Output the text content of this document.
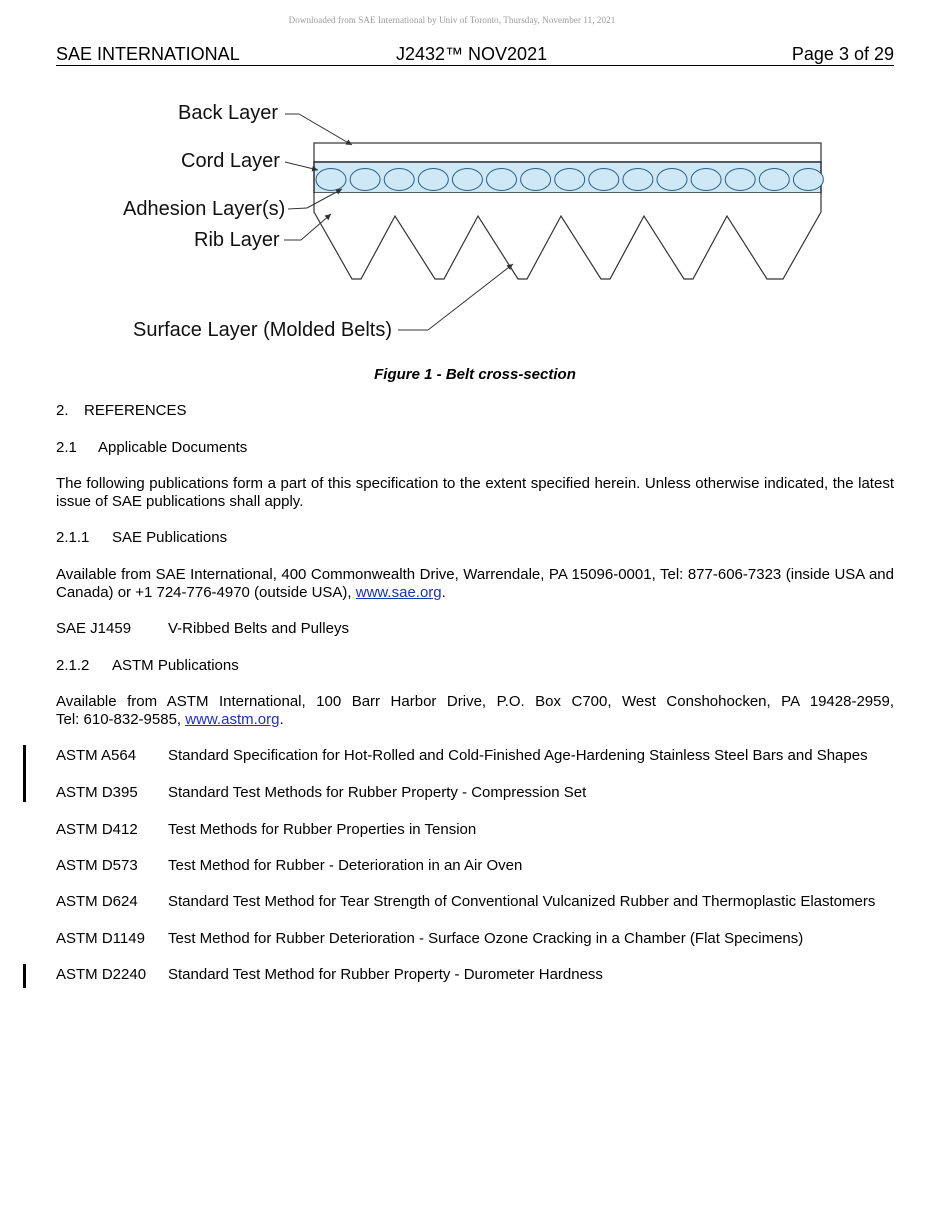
Downloaded from SAE International by Univ of Toronto, Thursday, November 11, 2021
SAE INTERNATIONAL	J2432™ NOV2021	Page 3 of 29
Back Layer
Cord Layer
Adhesion Layer(s)
Rib Layer
Surface Layer (Molded Belts)
Figure 1 - Belt cross-section
2. REFERENCES
2.1 Applicable Documents
The following publications form a part of this specification to the extent specified herein. Unless otherwise indicated, the latest issue of SAE publications shall apply.
2.1.1 SAE Publications
Available from SAE International, 400 Commonwealth Drive, Warrendale, PA 15096-0001, Tel: 877-606-7323 (inside USA and Canada) or +1 724-776-4970 (outside USA), www.sae.org.
SAE J1459 V-Ribbed Belts and Pulleys
2.1.2 ASTM Publications
Available from ASTM International, 100 Barr Harbor Drive, P.O. Box C700, West Conshohocken, PA 19428-2959,
Tel: 610-832-9585, www.astm.org.
ASTM A564 Standard Specification for Hot-Rolled and Cold-Finished Age-Hardening Stainless Steel Bars and Shapes
ASTM D395 Standard Test Methods for Rubber Property - Compression Set
ASTM D412 Test Methods for Rubber Properties in Tension
ASTM D573 Test Method for Rubber - Deterioration in an Air Oven
ASTM D624 Standard Test Method for Tear Strength of Conventional Vulcanized Rubber and Thermoplastic Elastomers
ASTM D1149 Test Method for Rubber Deterioration - Surface Ozone Cracking in a Chamber (Flat Specimens)
ASTM D2240 Standard Test Method for Rubber Property - Durometer Hardness
